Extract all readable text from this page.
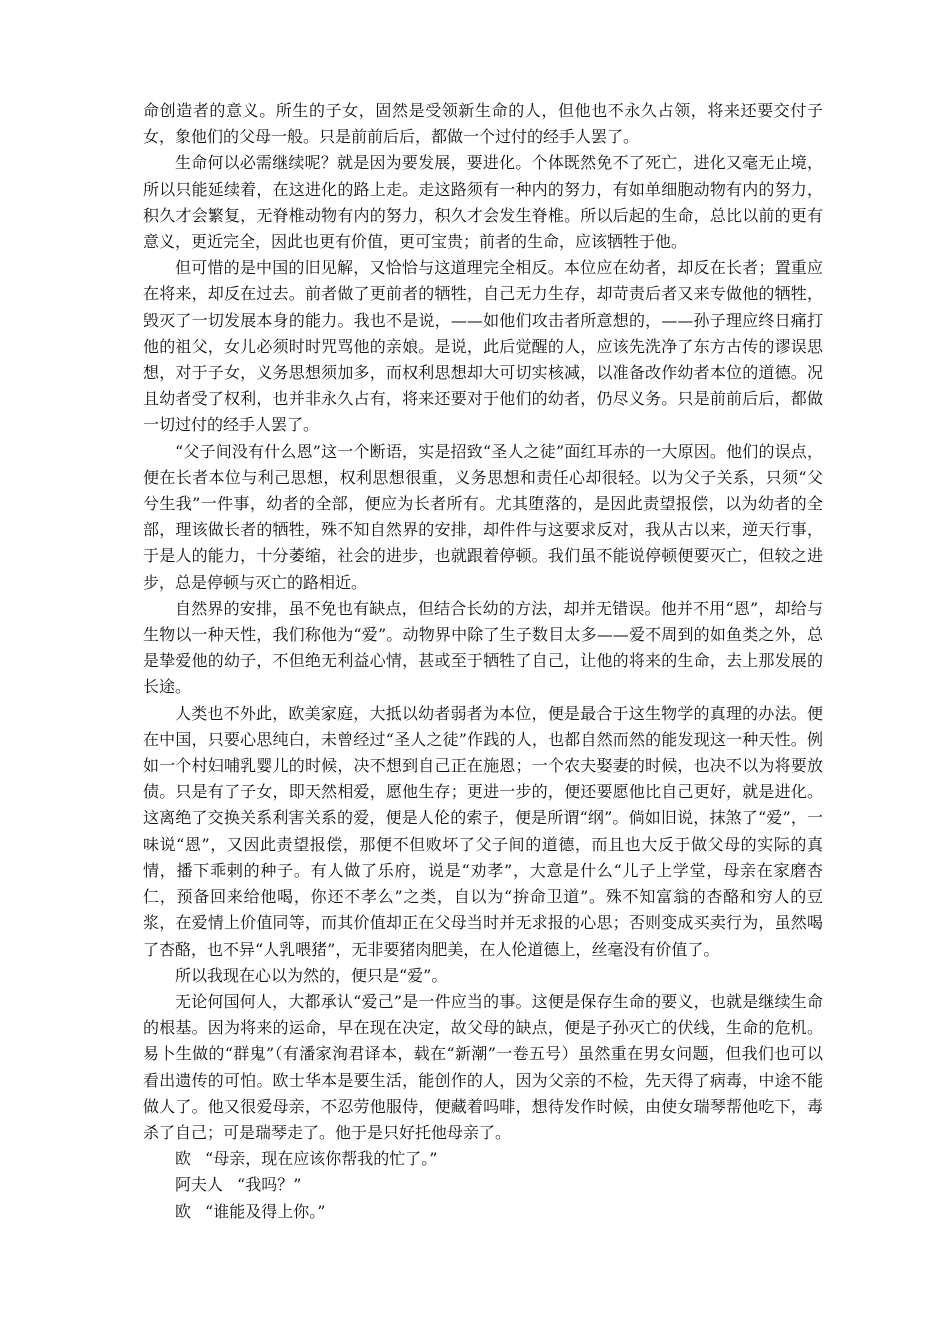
命创造者的意义。所生的子女，固然是受领新生命的人，但他也不永久占领，将来还要交付子女，象他们的父母一般。只是前前后后，都做一个过付的经手人罢了。

生命何以必需继续呢？就是因为要发展，要进化。个体既然免不了死亡，进化又毫无止境，所以只能延续着，在这进化的路上走。走这路须有一种内的努力，有如单细胞动物有内的努力，积久才会繁复，无脊椎动物有内的努力，积久才会发生脊椎。所以后起的生命，总比以前的更有意义，更近完全，因此也更有价值，更可宝贵；前者的生命，应该牺牲于他。

但可惜的是中国的旧见解，又恰恰与这道理完全相反。本位应在幼者，却反在长者；置重应在将来，却反在过去。前者做了更前者的牺牲，自己无力生存，却苛责后者又来专做他的牺牲，毁灭了一切发展本身的能力。我也不是说，——如他们攻击者所意想的，——孙子理应终日痛打他的祖父，女儿必须时时咒骂他的亲娘。是说，此后觉醒的人，应该先洗净了东方古传的谬误思想，对于子女，义务思想须加多，而权利思想却大可切实核减，以准备改作幼者本位的道德。况且幼者受了权利，也并非永久占有，将来还要对于他们的幼者，仍尽义务。只是前前后后，都做一切过付的经手人罢了。

“父子间没有什么恩”这一个断语，实是招致“圣人之徒”面红耳赤的一大原因。他们的误点，便在长者本位与利己思想，权利思想很重，义务思想和责任心却很轻。以为父子关系，只须“父兮生我”一件事，幼者的全部，便应为长者所有。尤其堕落的，是因此责望报偿，以为幼者的全部，理该做长者的牺牲，殊不知自然界的安排，却件件与这要求反对，我从古以来，逆天行事，于是人的能力，十分萎缩，社会的进步，也就跟着停顿。我们虽不能说停顿便要灭亡，但较之进步，总是停顿与灭亡的路相近。

自然界的安排，虽不免也有缺点，但结合长幼的方法，却并无错误。他并不用“恩”，却给与生物以一种天性，我们称他为“爱”。动物界中除了生子数目太多——爱不周到的如鱼类之外，总是挚爱他的幼子，不但绝无利益心情，甚或至于牺牲了自己，让他的将来的生命，去上那发展的长途。

人类也不外此，欧美家庭，大抵以幼者弱者为本位，便是最合于这生物学的真理的办法。便在中国，只要心思纯白，未曾经过“圣人之徒”作践的人，也都自然而然的能发现这一种天性。例如一个村妇哺乳婴儿的时候，决不想到自己正在施恩；一个农夫娶妻的时候，也决不以为将要放债。只是有了子女，即天然相爱，愿他生存；更进一步的，便还要愿他比自己更好，就是进化。这离绝了交换关系利害关系的爱，便是人伦的索子，便是所谓“纲”。倘如旧说，抹煞了“爱”，一味说“恩”，又因此责望报偿，那便不但败坏了父子间的道德，而且也大反于做父母的实际的真情，播下乖剌的种子。有人做了乐府，说是“劝孝”，大意是什么“儿子上学堂，母亲在家磨杏仁，预备回来给他喝，你还不孝么”之类，自以为“拚命卫道”。殊不知富翁的杏酪和穷人的豆浆，在爱情上价值同等，而其价值却正在父母当时并无求报的心思；否则变成买卖行为，虽然喝了杏酪，也不异“人乳喂猪”，无非要猪肉肥美，在人伦道德上，丝毫没有价值了。

所以我现在心以为然的，便只是“爱”。

无论何国何人，大都承认“爱己”是一件应当的事。这便是保存生命的要义，也就是继续生命的根基。因为将来的运命，早在现在决定，故父母的缺点，便是子孙灭亡的伏线，生命的危机。易卜生做的“群鬼”（有潘家洵君译本，载在“新潮”一卷五号）虽然重在男女问题，但我们也可以看出遗传的可怕。欧士华本是要生活，能创作的人，因为父亲的不检，先天得了病毒，中途不能做人了。他又很爱母亲，不忍劳他服侍，便藏着吗啡，想待发作时候，由使女瑞琴帮他吃下，毒杀了自己；可是瑞琴走了。他于是只好托他母亲了。

欧 “母亲，现在应该你帮我的忙了。”
阿夫人 “我吗？”
欧 “谁能及得上你。”
